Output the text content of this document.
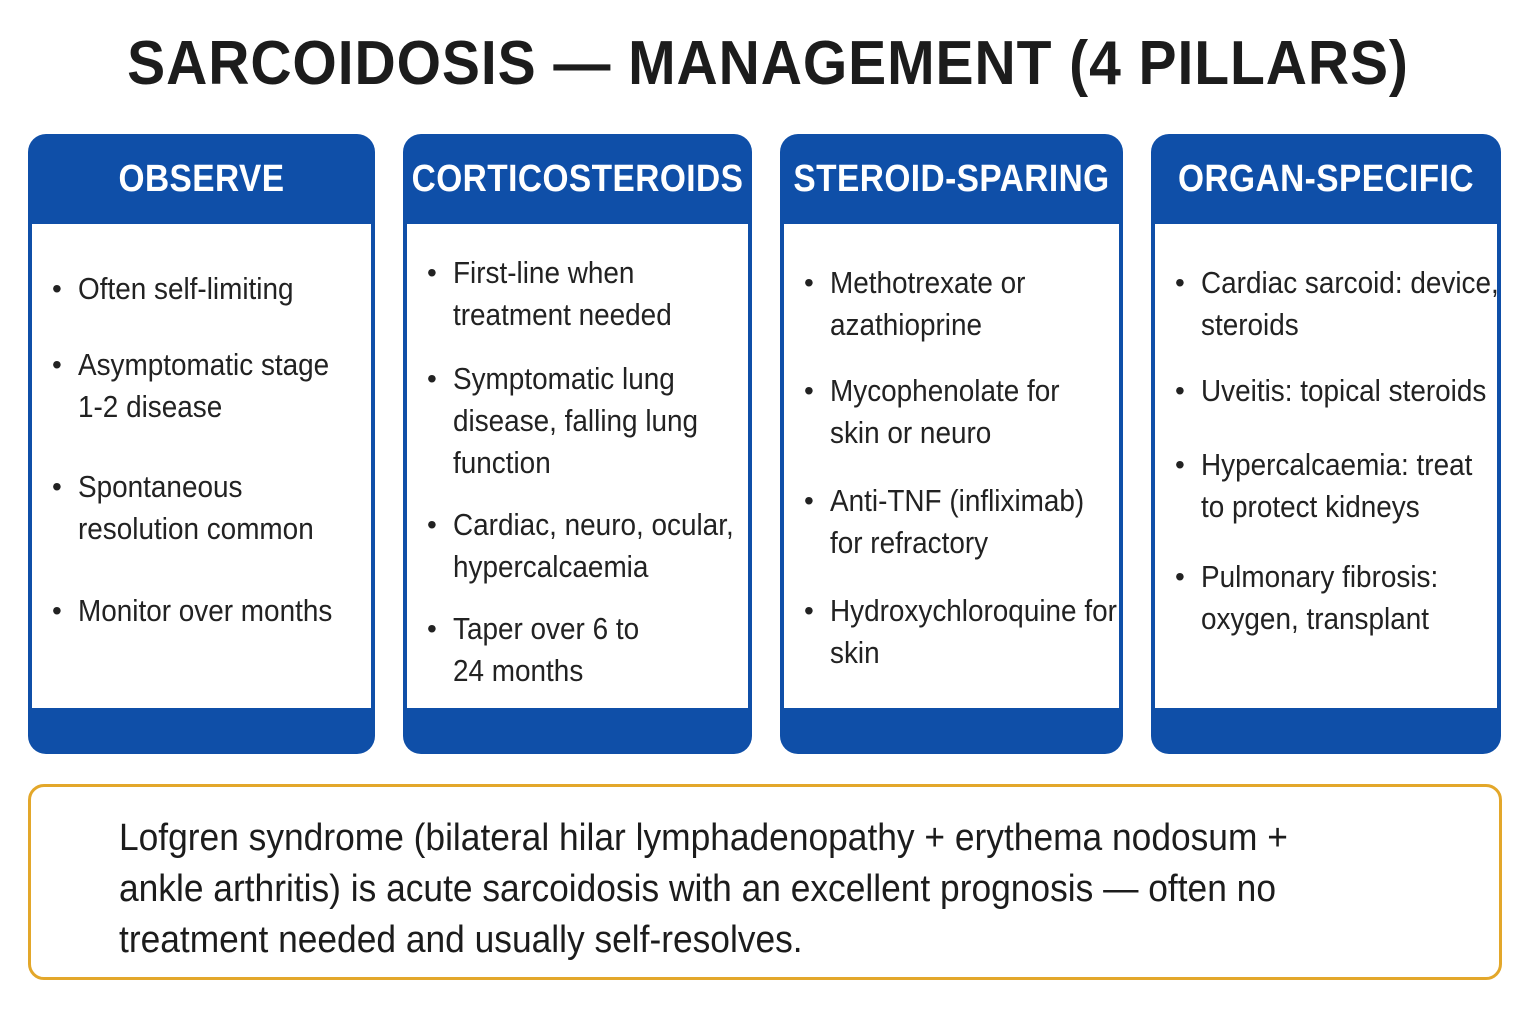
SARCOIDOSIS — MANAGEMENT (4 PILLARS)
OBSERVE
• Often self-limiting
• Asymptomatic stage 1-2 disease
• Spontaneous resolution common
• Monitor over months
CORTICOSTEROIDS
• First-line when treatment needed
• Symptomatic lung disease, falling lung function
• Cardiac, neuro, ocular, hypercalcaemia
• Taper over 6 to 24 months
STEROID-SPARING
• Methotrexate or azathioprine
• Mycophenolate for skin or neuro
• Anti-TNF (infliximab) for refractory
• Hydroxychloroquine for skin
ORGAN-SPECIFIC
• Cardiac sarcoid: device, steroids
• Uveitis: topical steroids
• Hypercalcaemia: treat to protect kidneys
• Pulmonary fibrosis: oxygen, transplant
Lofgren syndrome (bilateral hilar lymphadenopathy + erythema nodosum + ankle arthritis) is acute sarcoidosis with an excellent prognosis — often no treatment needed and usually self-resolves.
